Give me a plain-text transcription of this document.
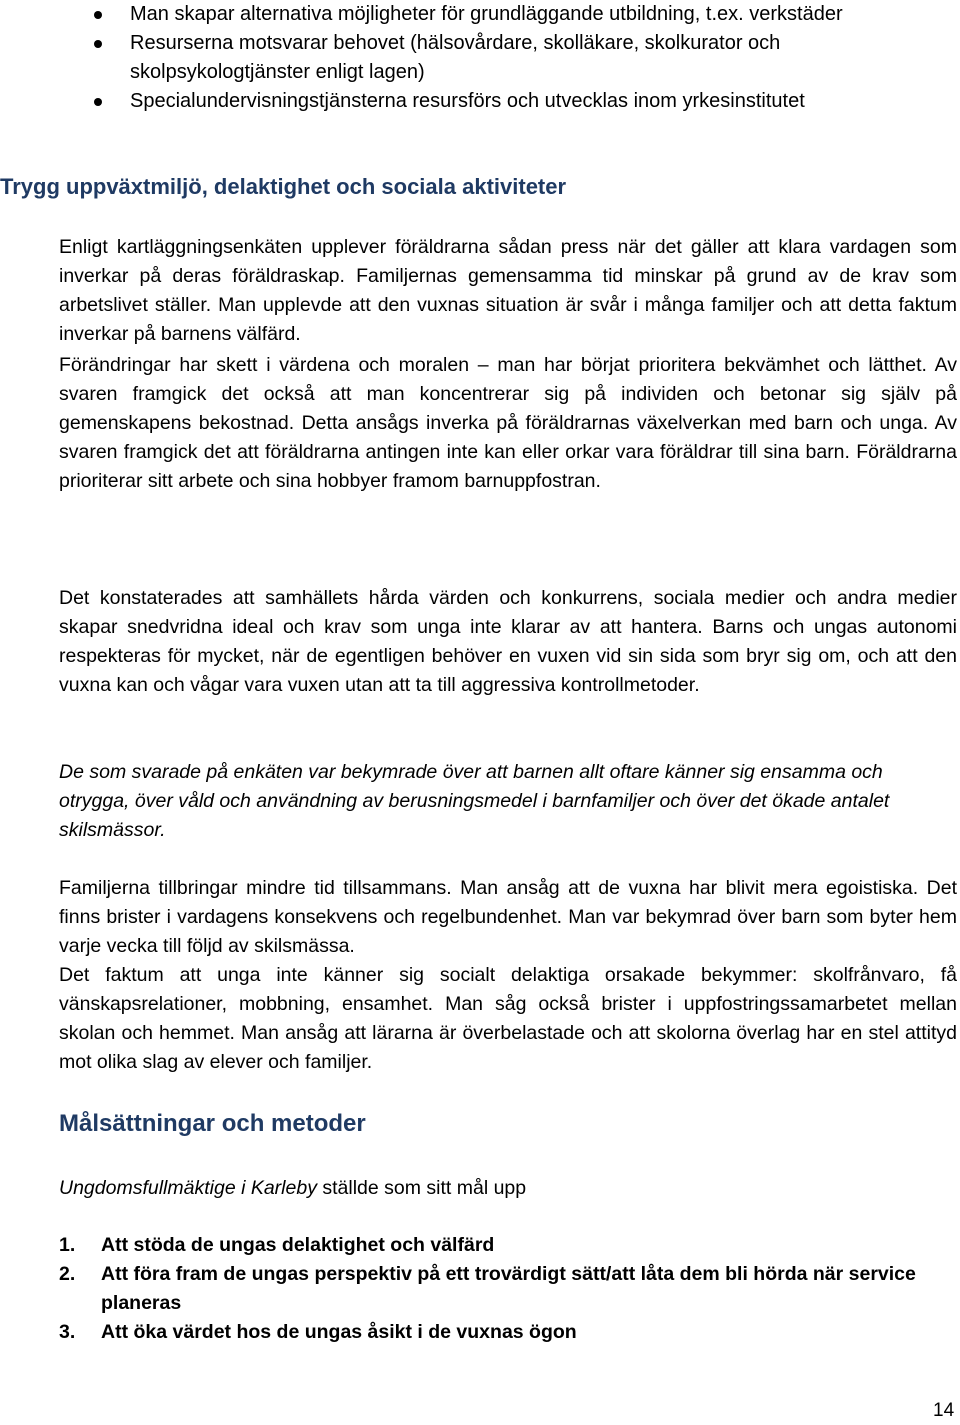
Man skapar alternativa möjligheter för grundläggande utbildning, t.ex. verkstäder
Resurserna motsvarar behovet (hälsovårdare, skolläkare, skolkurator och skolpsykologtjänster enligt lagen)
Specialundervisningstjänsterna resursförs och utvecklas inom yrkesinstitutet
Trygg uppväxtmiljö, delaktighet och sociala aktiviteter

Enligt kartläggningsenkäten upplever föräldrarna sådan press när det gäller att klara vardagen som inverkar på deras föräldraskap. Familjernas gemensamma tid minskar på grund av de krav som arbetslivet ställer. Man upplevde att den vuxnas situation är svår i många familjer och att detta faktum inverkar på barnens välfärd.

Förändringar har skett i värdena och moralen – man har börjat prioritera bekvämhet och lätthet. Av svaren framgick det också att man koncentrerar sig på individen och betonar sig själv på gemenskapens bekostnad. Detta ansågs inverka på föräldrarnas växelverkan med barn och unga. Av svaren framgick det att föräldrarna antingen inte kan eller orkar vara föräldrar till sina barn. Föräldrarna prioriterar sitt arbete och sina hobbyer framom barnuppfostran.

Det konstaterades att samhällets hårda värden och konkurrens, sociala medier och andra medier skapar snedvridna ideal och krav som unga inte klarar av att hantera. Barns och ungas autonomi respekteras för mycket, när de egentligen behöver en vuxen vid sin sida som bryr sig om, och att den vuxna kan och vågar vara vuxen utan att ta till aggressiva kontrollmetoder.

De som svarade på enkäten var bekymrade över att barnen allt oftare känner sig ensamma och otrygga, över våld och användning av berusningsmedel i barnfamiljer och över det ökade antalet skilsmässor.

Familjerna tillbringar mindre tid tillsammans. Man ansåg att de vuxna har blivit mera egoistiska. Det finns brister i vardagens konsekvens och regelbundenhet. Man var bekymrad över barn som byter hem varje vecka till följd av skilsmässa.

Det faktum att unga inte känner sig socialt delaktiga orsakade bekymmer: skolfrånvaro, få vänskapsrelationer, mobbning, ensamhet. Man såg också brister i uppfostringssamarbetet mellan skolan och hemmet. Man ansåg att lärarna är överbelastade och att skolorna överlag har en stel attityd mot olika slag av elever och familjer.

Målsättningar och metoder

Ungdomsfullmäktige i Karleby ställde som sitt mål upp

1. Att stöda de ungas delaktighet och välfärd
2. Att föra fram de ungas perspektiv på ett trovärdigt sätt/att låta dem bli hörda när service planeras
3. Att öka värdet hos de ungas åsikt i de vuxnas ögon
14
